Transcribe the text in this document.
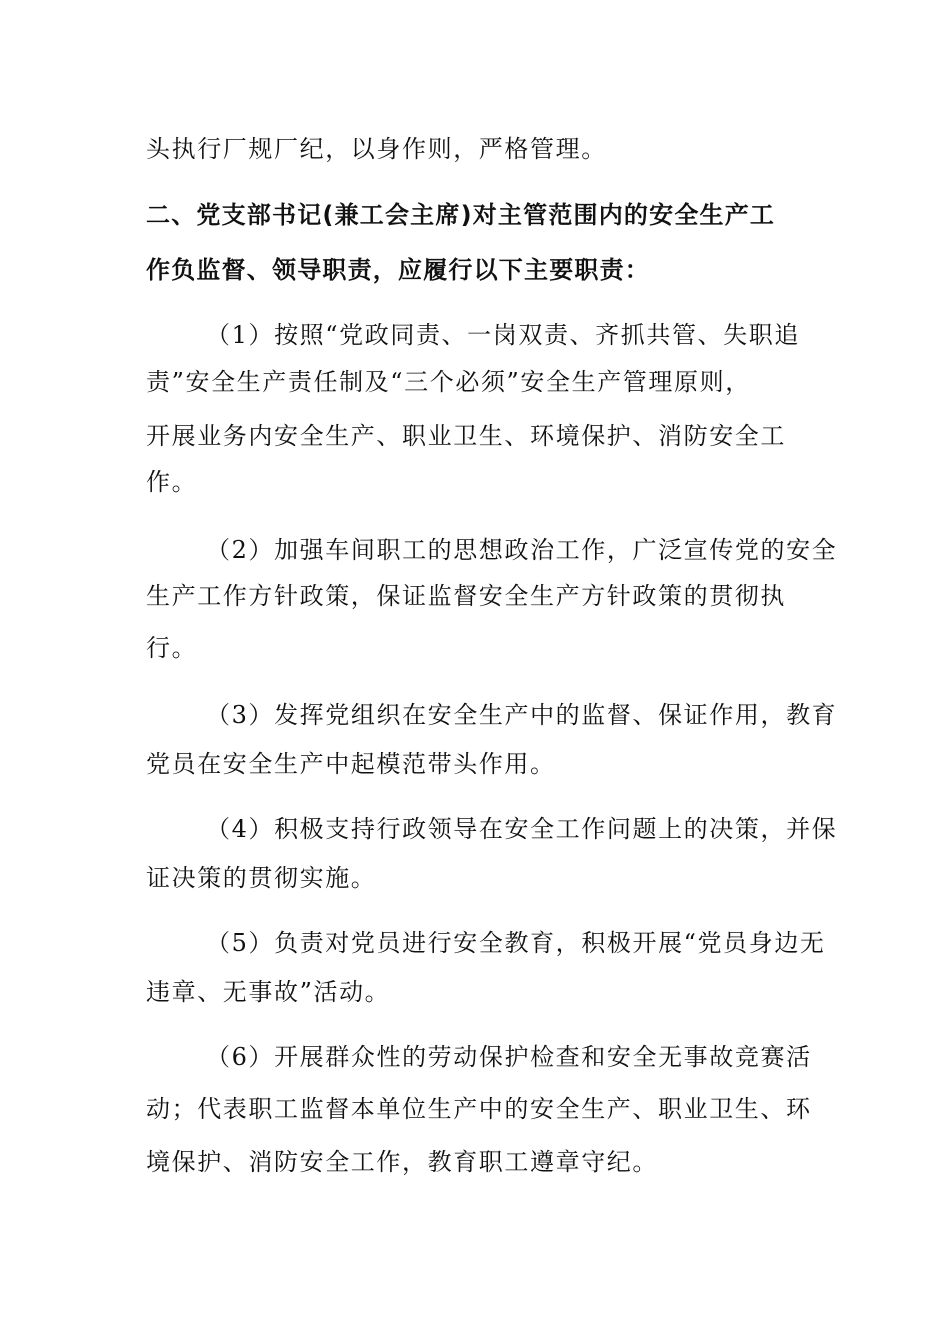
头执行厂规厂纪，以身作则，严格管理。
二、党支部书记(兼工会主席)对主管范围内的安全生产工
作负监督、领导职责，应履行以下主要职责：
（1）按照“党政同责、一岗双责、齐抓共管、失职追
责”安全生产责任制及“三个必须”安全生产管理原则，
开展业务内安全生产、职业卫生、环境保护、消防安全工
作。
（2）加强车间职工的思想政治工作，广泛宣传党的安全
生产工作方针政策，保证监督安全生产方针政策的贯彻执
行。
（3）发挥党组织在安全生产中的监督、保证作用，教育
党员在安全生产中起模范带头作用。
（4）积极支持行政领导在安全工作问题上的决策，并保
证决策的贯彻实施。
（5）负责对党员进行安全教育，积极开展“党员身边无
违章、无事故”活动。
（6）开展群众性的劳动保护检查和安全无事故竞赛活
动；代表职工监督本单位生产中的安全生产、职业卫生、环
境保护、消防安全工作，教育职工遵章守纪。
